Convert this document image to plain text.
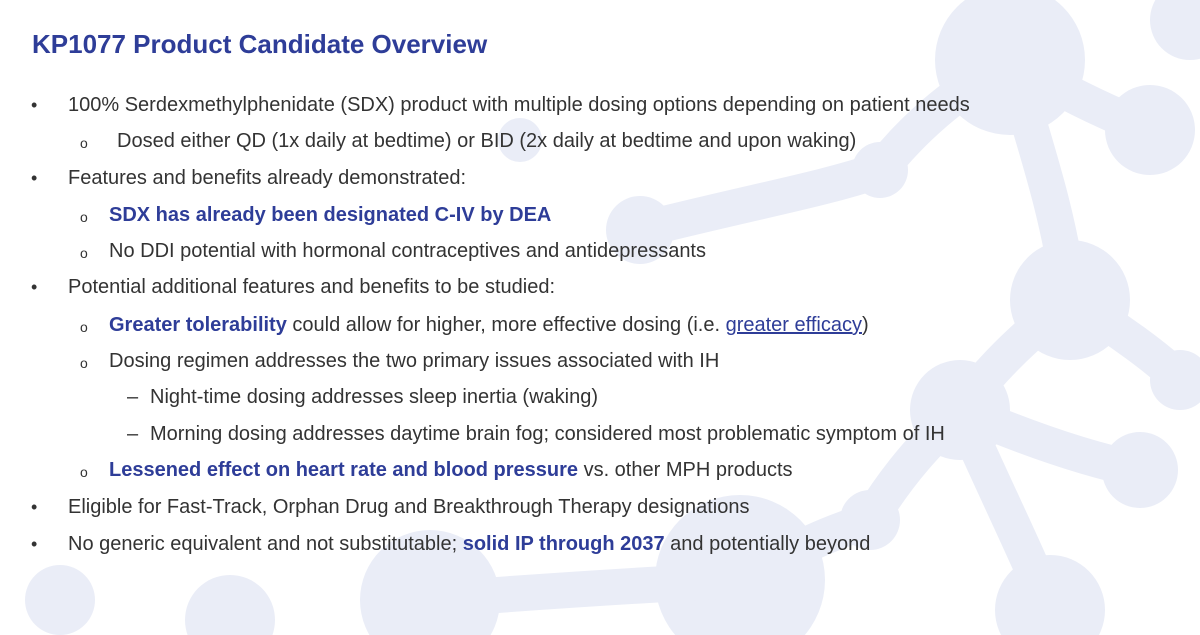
KP1077 Product Candidate Overview
• 100% Serdexmethylphenidate (SDX) product with multiple dosing options depending on patient needs
o Dosed either QD (1x daily at bedtime) or BID (2x daily at bedtime and upon waking)
• Features and benefits already demonstrated:
o SDX has already been designated C-IV by DEA
o No DDI potential with hormonal contraceptives and antidepressants
• Potential additional features and benefits to be studied:
o Greater tolerability could allow for higher, more effective dosing (i.e. greater efficacy)
o Dosing regimen addresses the two primary issues associated with IH
– Night-time dosing addresses sleep inertia (waking)
– Morning dosing addresses daytime brain fog; considered most problematic symptom of IH
o Lessened effect on heart rate and blood pressure vs. other MPH products
• Eligible for Fast-Track, Orphan Drug and Breakthrough Therapy designations
• No generic equivalent and not substitutable; solid IP through 2037 and potentially beyond
